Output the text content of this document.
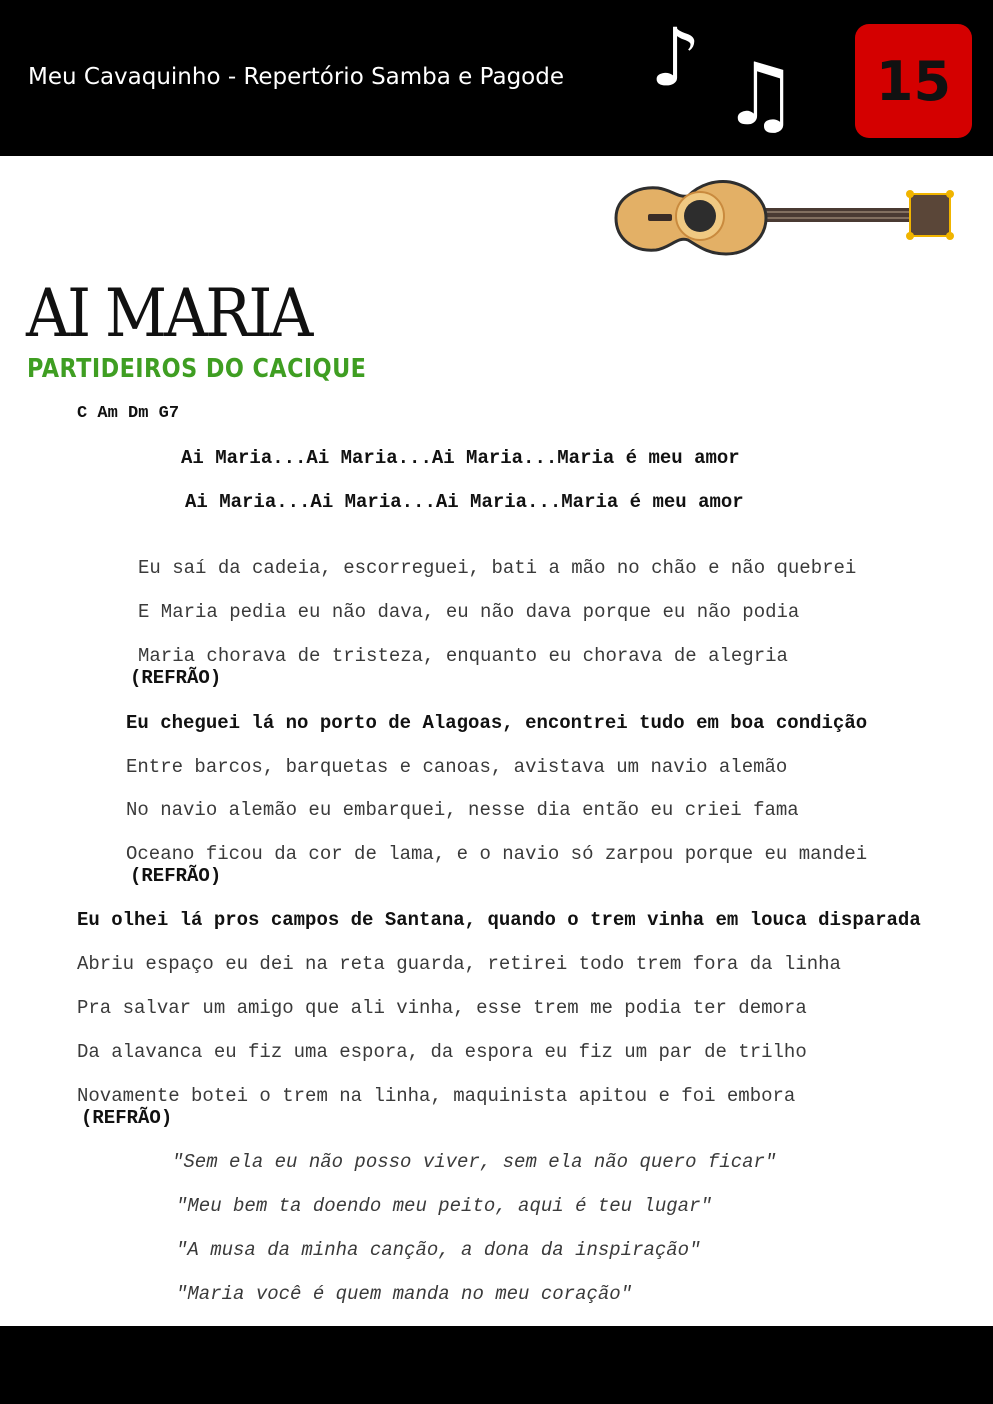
Meu Cavaquinho - Repertório Samba e Pagode ♪ ♫ 15
AI MARIA
PARTIDEIROS DO CACIQUE
C Am Dm G7
Ai Maria...Ai Maria...Ai Maria...Maria é meu amor
Ai Maria...Ai Maria...Ai Maria...Maria é meu amor
Eu saí da cadeia, escorreguei, bati a mão no chão e não quebrei
E Maria pedia eu não dava, eu não dava porque eu não podia
Maria chorava de tristeza, enquanto eu chorava de alegria
(REFRÃO)
Eu cheguei lá no porto de Alagoas, encontrei tudo em boa condição
Entre barcos, barquetas e canoas, avistava um navio alemão
No navio alemão eu embarquei, nesse dia então eu criei fama
Oceano ficou da cor de lama, e o navio só zarpou porque eu mandei
(REFRÃO)
Eu olhei lá pros campos de Santana, quando o trem vinha em louca disparada
Abriu espaço eu dei na reta guarda, retirei todo trem fora da linha
Pra salvar um amigo que ali vinha, esse trem me podia ter demora
Da alavanca eu fiz uma espora, da espora eu fiz um par de trilho
Novamente botei o trem na linha, maquinista apitou e foi embora
(REFRÃO)
"Sem ela eu não posso viver, sem ela não quero ficar"
"Meu bem ta doendo meu peito, aqui é teu lugar"
"A musa da minha canção, a dona da inspiração"
"Maria você é quem manda no meu coração"
